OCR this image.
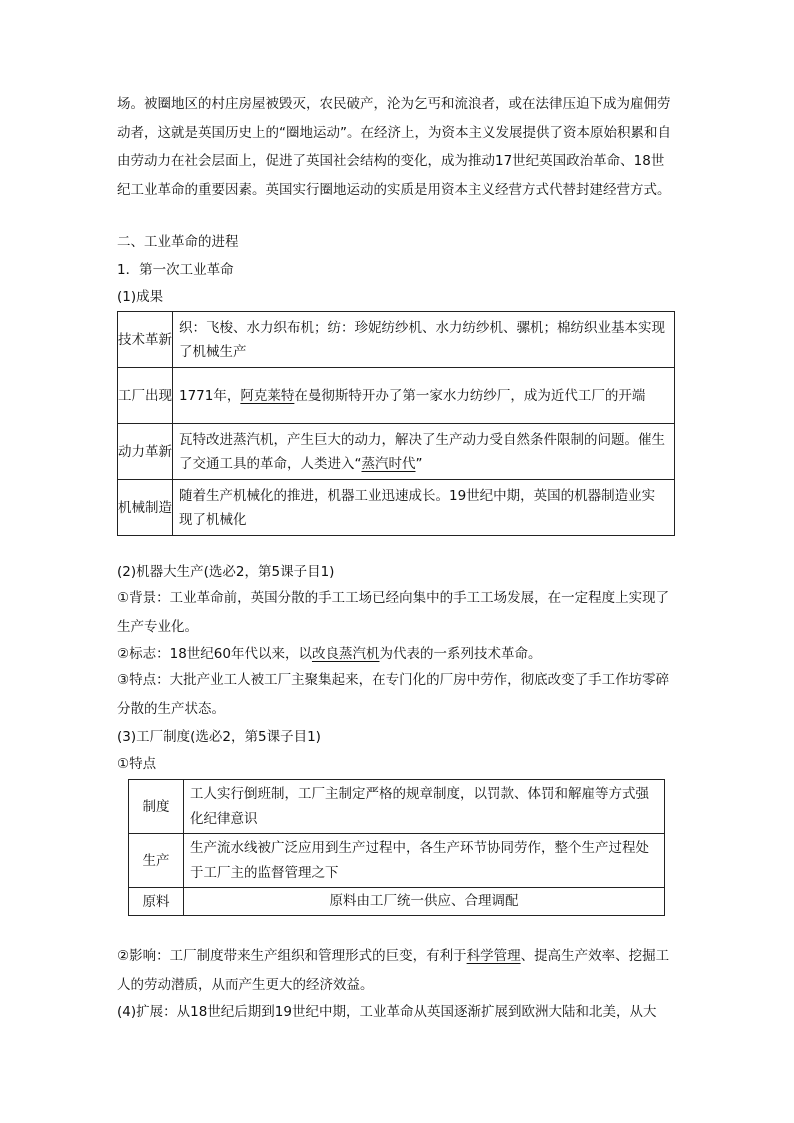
场。被圈地区的村庄房屋被毁灭，农民破产，沦为乞丐和流浪者，或在法律压迫下成为雇佣劳动者，这就是英国历史上的“圈地运动”。在经济上，为资本主义发展提供了资本原始积累和自由劳动力在社会层面上，促进了英国社会结构的变化，成为推动17世纪英国政治革命、18世纪工业革命的重要因素。英国实行圈地运动的实质是用资本主义经营方式代替封建经营方式。

二、工业革命的进程
1．第一次工业革命
(1)成果
技术革新	织：飞梭、水力织布机；纺：珍妮纺纱机、水力纺纱机、骡机；棉纺织业基本实现了机械生产
工厂出现	1771年，阿克莱特在曼彻斯特开办了第一家水力纺纱厂，成为近代工厂的开端
动力革新	瓦特改进蒸汽机，产生巨大的动力，解决了生产动力受自然条件限制的问题。催生了交通工具的革命，人类进入“蒸汽时代”
机械制造	随着生产机械化的推进，机器工业迅速成长。19世纪中期，英国的机器制造业实现了机械化
(2)机器大生产(选必2，第5课子目1)

①背景：工业革命前，英国分散的手工工场已经向集中的手工工场发展，在一定程度上实现了生产专业化。

②标志：18世纪60年代以来，以改良蒸汽机为代表的一系列技术革命。

③特点：大批产业工人被工厂主聚集起来，在专门化的厂房中劳作，彻底改变了手工作坊零碎分散的生产状态。

(3)工厂制度(选必2，第5课子目1)
①特点
制度	工人实行倒班制，工厂主制定严格的规章制度，以罚款、体罚和解雇等方式强化纪律意识
生产	生产流水线被广泛应用到生产过程中，各生产环节协同劳作，整个生产过程处于工厂主的监督管理之下
原料	原料由工厂统一供应、合理调配

②影响：工厂制度带来生产组织和管理形式的巨变，有利于科学管理、提高生产效率、挖掘工人的劳动潜质，从而产生更大的经济效益。

(4)扩展：从18世纪后期到19世纪中期，工业革命从英国逐渐扩展到欧洲大陆和北美，从大
